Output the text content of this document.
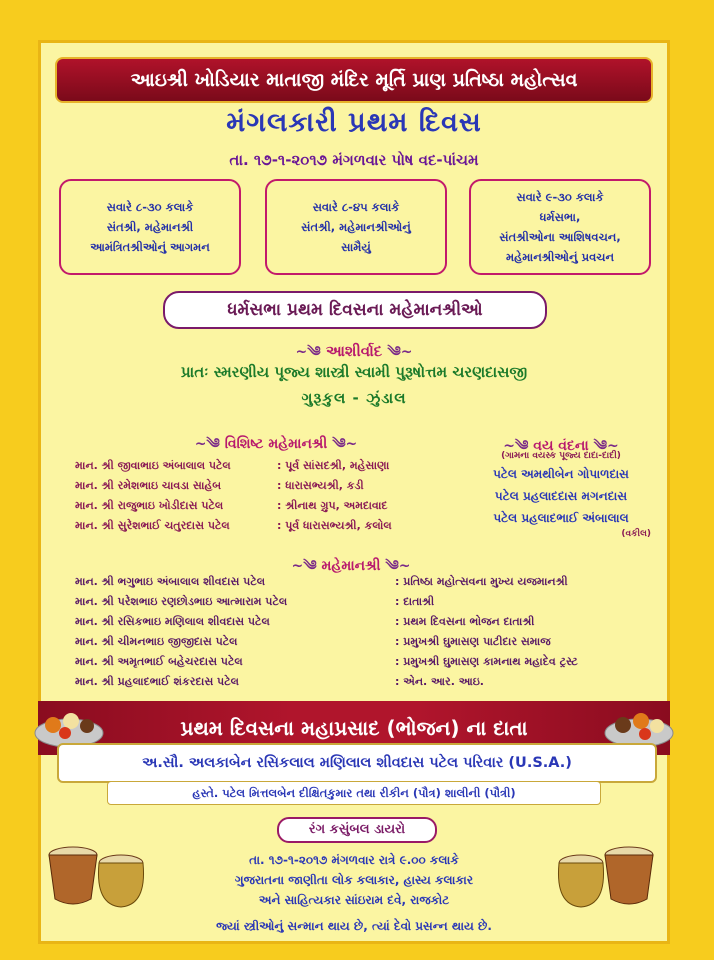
આઇશ્રી ખોડિયાર માતાજી મંદિર મૂર્તિ પ્રાણ પ્રતિષ્ઠા મહોત્સવ
મંગલકારી પ્રથમ દિવસ
તા. ૧૭-૧-૨૦૧૭ મંગળવાર પોષ વદ-પાંચમ
સવારે ૮-૩૦ કલાકે
સંતશ્રી, મહેમાનશ્રી
આમંત્રિતશ્રીઓનું આગમન
સવારે ૮-૪૫ કલાકે
સંતશ્રી, મહેમાનશ્રીઓનું
સામૈયું
સવારે ૯-૩૦ કલાકે
ધર્મસભા,
સંતશ્રીઓના આશિષવચન,
મહેમાનશ્રીઓનું પ્રવચન
ધર્મસભા પ્રથમ દિવસના મહેમાનશ્રીઓ
~༄ આશીર્વાદ ༄~
પ્રાતઃ સ્મરણીય પૂજ્ય શાસ્ત્રી સ્વામી પુરૂષોત્તમ ચરણદાસજી
ગુરૂકુલ - ઝુંડાલ
~༄ વિશિષ્ટ મહેમાનશ્રી ༄~
માન. શ્રી જીવાભાઇ અંબાલાલ પટેલ	: પૂર્વ સાંસદશ્રી, મહેસાણા
માન. શ્રી રમેશભાઇ ચાવડા સાહેબ	: ધારાસભ્યશ્રી, કડી
માન. શ્રી રાજુભાઇ ખોડીદાસ પટેલ	: શ્રીનાથ ગ્રુપ, અમદાવાદ
માન. શ્રી સુરેશભાઈ ચતુરદાસ પટેલ	: પૂર્વ ધારાસભ્યશ્રી, કલોલ
~༄ વય વંદના ༄~
(ગામના વયસ્ક પૂજ્ય દાદા-દાદી)
પટેલ અમથીબેન ગોપાળદાસ
પટેલ પ્રહલાદદાસ મગનદાસ
પટેલ પ્રહલાદભાઈ અંબાલાલ
(વકીલ)
~༄ મહેમાનશ્રી ༄~
માન. શ્રી ભગુભાઇ અંબાલાલ શીવદાસ પટેલ	: પ્રતિષ્ઠા મહોત્સવના મુખ્ય યજમાનશ્રી
માન. શ્રી પરેશભાઇ રણછોડભાઇ આત્મારામ પટેલ	: દાતાશ્રી
માન. શ્રી રસિકભાઇ મણિલાલ શીવદાસ પટેલ	: પ્રથમ દિવસના ભોજન દાતાશ્રી
માન. શ્રી ચીમનભાઇ જીજીદાસ પટેલ	: પ્રમુખશ્રી ઘુમાસણ પાટીદાર સમાજ
માન. શ્રી અમૃતભાઈ બહેચરદાસ પટેલ	: પ્રમુખશ્રી ઘુમાસણ કામનાથ મહાદેવ ટ્રસ્ટ
માન. શ્રી પ્રહલાદભાઈ શંકરદાસ પટેલ	: એન. આર. આઇ.
પ્રથમ દિવસના મહાપ્રસાદ (ભોજન) ના દાતા
અ.સૌ. અલકાબેન રસિકલાલ મણિલાલ શીવદાસ પટેલ પરિવાર (U.S.A.)
હસ્તે. પટેલ મિત્તલબેન દીક્ષિતકુમાર તથા રીકીન (પૌત્ર) શાલીની (પૌત્રી)
રંગ કસુંબલ ડાયરો
તા. ૧૭-૧-૨૦૧૭ મંગળવાર રાત્રે ૯.૦૦ કલાકે
ગુજરાતના જાણીતા લોક કલાકાર, હાસ્ય કલાકાર
અને સાહિત્યકાર સાંઇરામ દવે, રાજકોટ
જ્યાં સ્ત્રીઓનું સન્માન થાય છે, ત્યાં દેવો પ્રસન્ન થાય છે.
